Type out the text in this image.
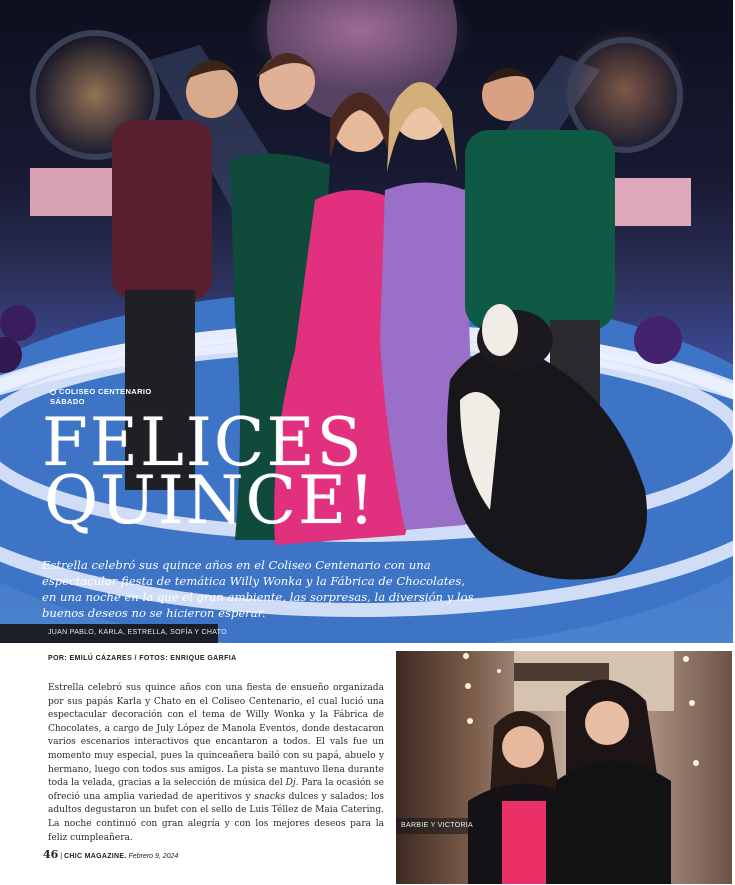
COLISEO CENTENARIO
SÁBADO
FELICES
QUINCE!
Estrella celebró sus quince años en el Coliseo Centenario con una espectacular fiesta de temática Willy Wonka y la Fábrica de Chocolates, en una noche en la que el gran ambiente, las sorpresas, la diversión y los buenos deseos no se hicieron esperar.
JUAN PABLO, KARLA, ESTRELLA, SOFÍA Y CHATO
POR: EMILÚ CÁZARES / FOTOS: ENRIQUE GARFIA

Estrella celebró sus quince años con una fiesta de ensueño organizada por sus papás Karla y Chato en el Coliseo Centenario, el cual lució una espectacular decoración con el tema de Willy Wonka y la Fábrica de Chocolates, a cargo de July López de Manola Eventos, donde destacaron varios escenarios interactivos que encantaron a todos. El vals fue un momento muy especial, pues la quinceañera bailó con su papá, abuelo y hermano, luego con todos sus amigos. La pista se mantuvo llena durante toda la velada, gracias a la selección de música del Dj. Para la ocasión se ofreció una amplia variedad de aperitivos y snacks dulces y salados; los adultos degustaron un bufet con el sello de Luis Téllez de Maia Catering. La noche continuó con gran alegría y con los mejores deseos para la feliz cumpleañera.

46 | CHIC MAGAZINE. Febrero 9, 2024
BARBIE Y VICTORIA
